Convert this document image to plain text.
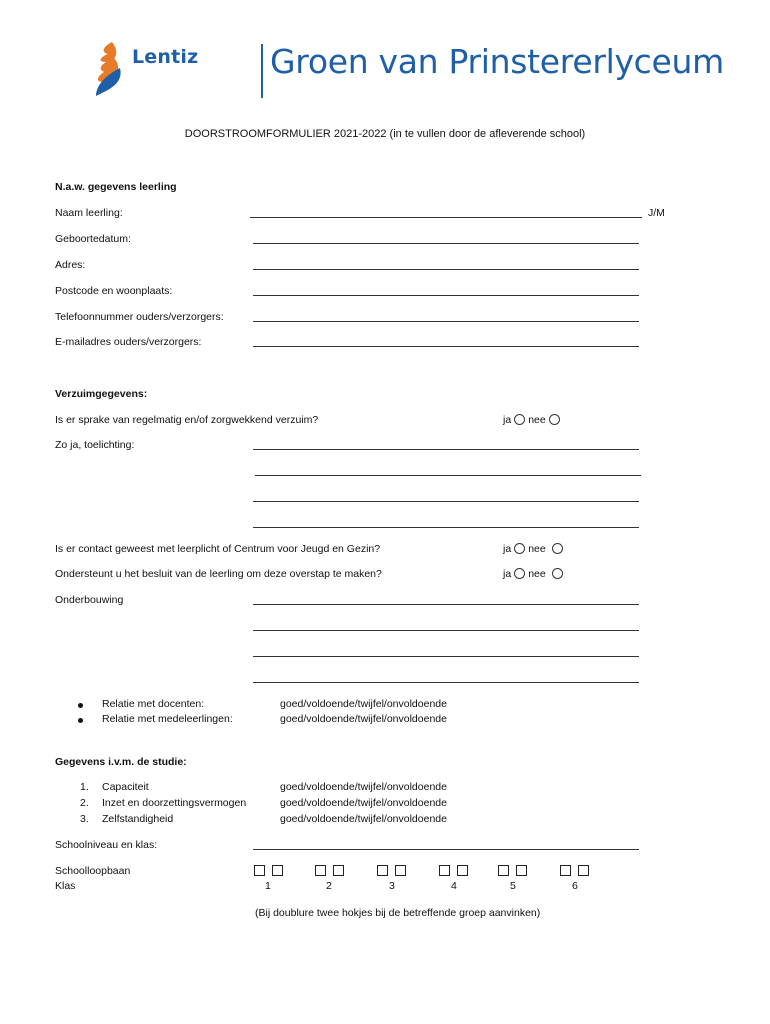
Lentiz Groen van Prinstererlyceum
DOORSTROOMFORMULIER 2021-2022 (in te vullen door de afleverende school)
N.a.w. gegevens leerling
Naam leerling:	J/M
Geboortedatum:
Adres:
Postcode en woonplaats:
Telefoonnummer ouders/verzorgers:
E-mailadres ouders/verzorgers:
Verzuimgegevens:
Is er sprake van regelmatig en/of zorgwekkend verzuim?	ja nee
Zo ja, toelichting:
Is er contact geweest met leerplicht of Centrum voor Jeugd en Gezin?	ja nee
Ondersteunt u het besluit van de leerling om deze overstap te maken?	ja nee
Onderbouwing
Relatie met docenten:	goed/voldoende/twijfel/onvoldoende
Relatie met medeleerlingen:	goed/voldoende/twijfel/onvoldoende
Gegevens i.v.m. de studie:
1. Capaciteit	goed/voldoende/twijfel/onvoldoende
2. Inzet en doorzettingsvermogen	goed/voldoende/twijfel/onvoldoende
3. Zelfstandigheid	goed/voldoende/twijfel/onvoldoende
Schoolniveau en klas:
Schoolloopbaan
Klas	1	2	3	4	5	6
(Bij doublure twee hokjes bij de betreffende groep aanvinken)
